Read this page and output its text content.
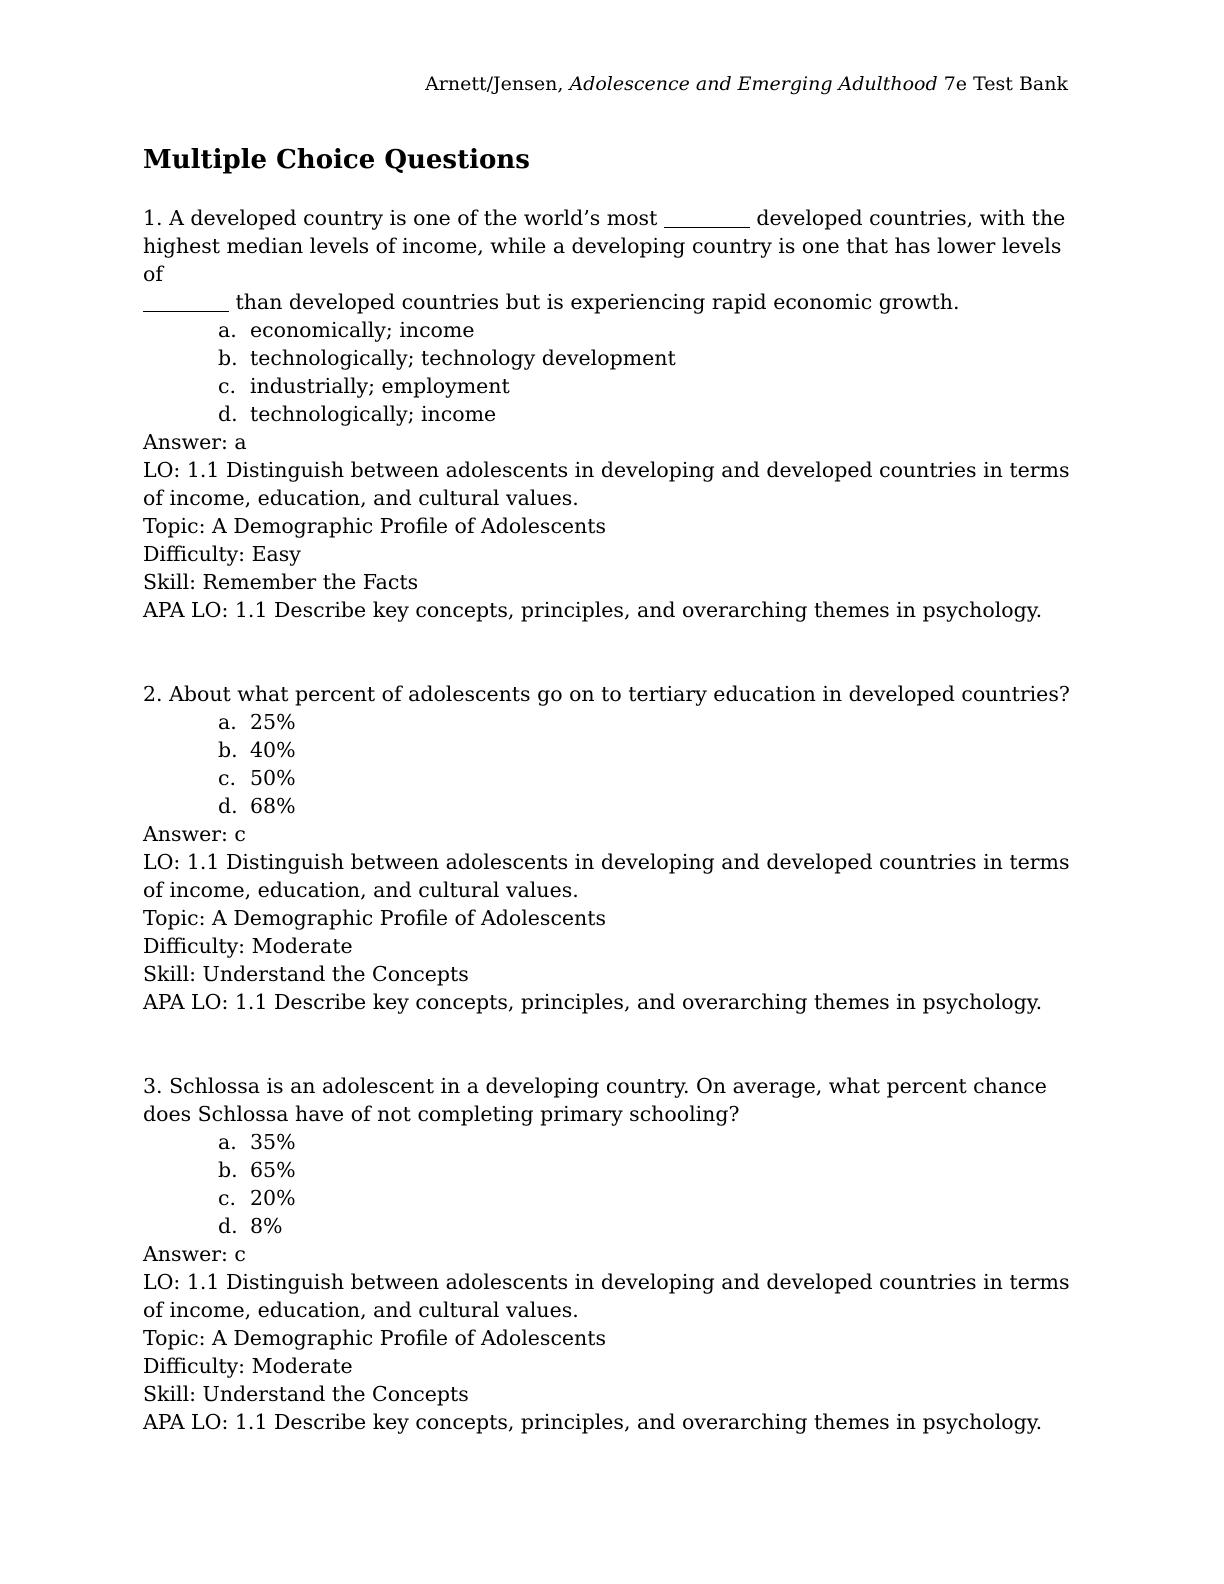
Arnett/Jensen, Adolescence and Emerging Adulthood 7e Test Bank
Multiple Choice Questions

1. A developed country is one of the world’s most	developed countries, with the highest median levels of income, while a developing country is one that has lower levels of
than developed countries but is experiencing rapid economic growth.

a. economically; income
b. technologically; technology development
c. industrially; employment
d. technologically; income

Answer: a

LO: 1.1 Distinguish between adolescents in developing and developed countries in terms of income, education, and cultural values.

Topic: A Demographic Profile of Adolescents

Difficulty: Easy

Skill: Remember the Facts

APA LO: 1.1 Describe key concepts, principles, and overarching themes in psychology.

2. About what percent of adolescents go on to tertiary education in developed countries?

a. 25%
b. 40%
c. 50%
d. 68%

Answer: c

LO: 1.1 Distinguish between adolescents in developing and developed countries in terms of income, education, and cultural values.

Topic: A Demographic Profile of Adolescents

Difficulty: Moderate

Skill: Understand the Concepts

APA LO: 1.1 Describe key concepts, principles, and overarching themes in psychology.

3. Schlossa is an adolescent in a developing country. On average, what percent chance does Schlossa have of not completing primary schooling?

a. 35%
b. 65%
c. 20%
d. 8%

Answer: c

LO: 1.1 Distinguish between adolescents in developing and developed countries in terms of income, education, and cultural values.

Topic: A Demographic Profile of Adolescents

Difficulty: Moderate

Skill: Understand the Concepts

APA LO: 1.1 Describe key concepts, principles, and overarching themes in psychology.
